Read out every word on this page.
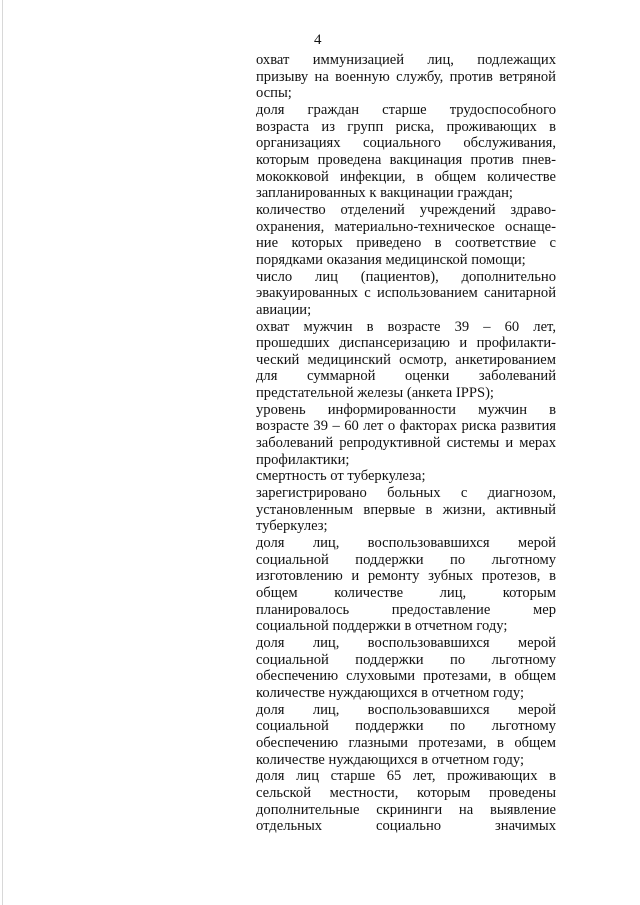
4
охват иммунизацией лиц, подлежащих
призыву на военную службу, против ветряной
оспы;
доля граждан старше трудоспособного
возраста из групп риска, проживающих в
организациях социального обслуживания,
которым проведена вакцинация против пнев-
мококковой инфекции, в общем количестве
запланированных к вакцинации граждан;
количество отделений учреждений здраво-
охранения, материально-техническое оснаще-
ние которых приведено в соответствие с
порядками оказания медицинской помощи;
число лиц (пациентов), дополнительно
эвакуированных с использованием санитарной
авиации;
охват мужчин в возрасте 39 – 60 лет,
прошедших диспансеризацию и профилакти-
ческий медицинский осмотр, анкетированием
для суммарной оценки заболеваний
предстательной железы (анкета IPPS);
уровень информированности мужчин в
возрасте 39 – 60 лет о факторах риска развития
заболеваний репродуктивной системы и мерах
профилактики;
смертность от туберкулеза;
зарегистрировано больных с диагнозом,
установленным впервые в жизни, активный
туберкулез;
доля лиц, воспользовавшихся мерой
социальной поддержки по льготному
изготовлению и ремонту зубных протезов, в
общем количестве лиц, которым
планировалось предоставление мер
социальной поддержки в отчетном году;
доля лиц, воспользовавшихся мерой
социальной поддержки по льготному
обеспечению слуховыми протезами, в общем
количестве нуждающихся в отчетном году;
доля лиц, воспользовавшихся мерой
социальной поддержки по льготному
обеспечению глазными протезами, в общем
количестве нуждающихся в отчетном году;
доля лиц старше 65 лет, проживающих в
сельской местности, которым проведены
дополнительные скрининги на выявление
отдельных социально значимых
